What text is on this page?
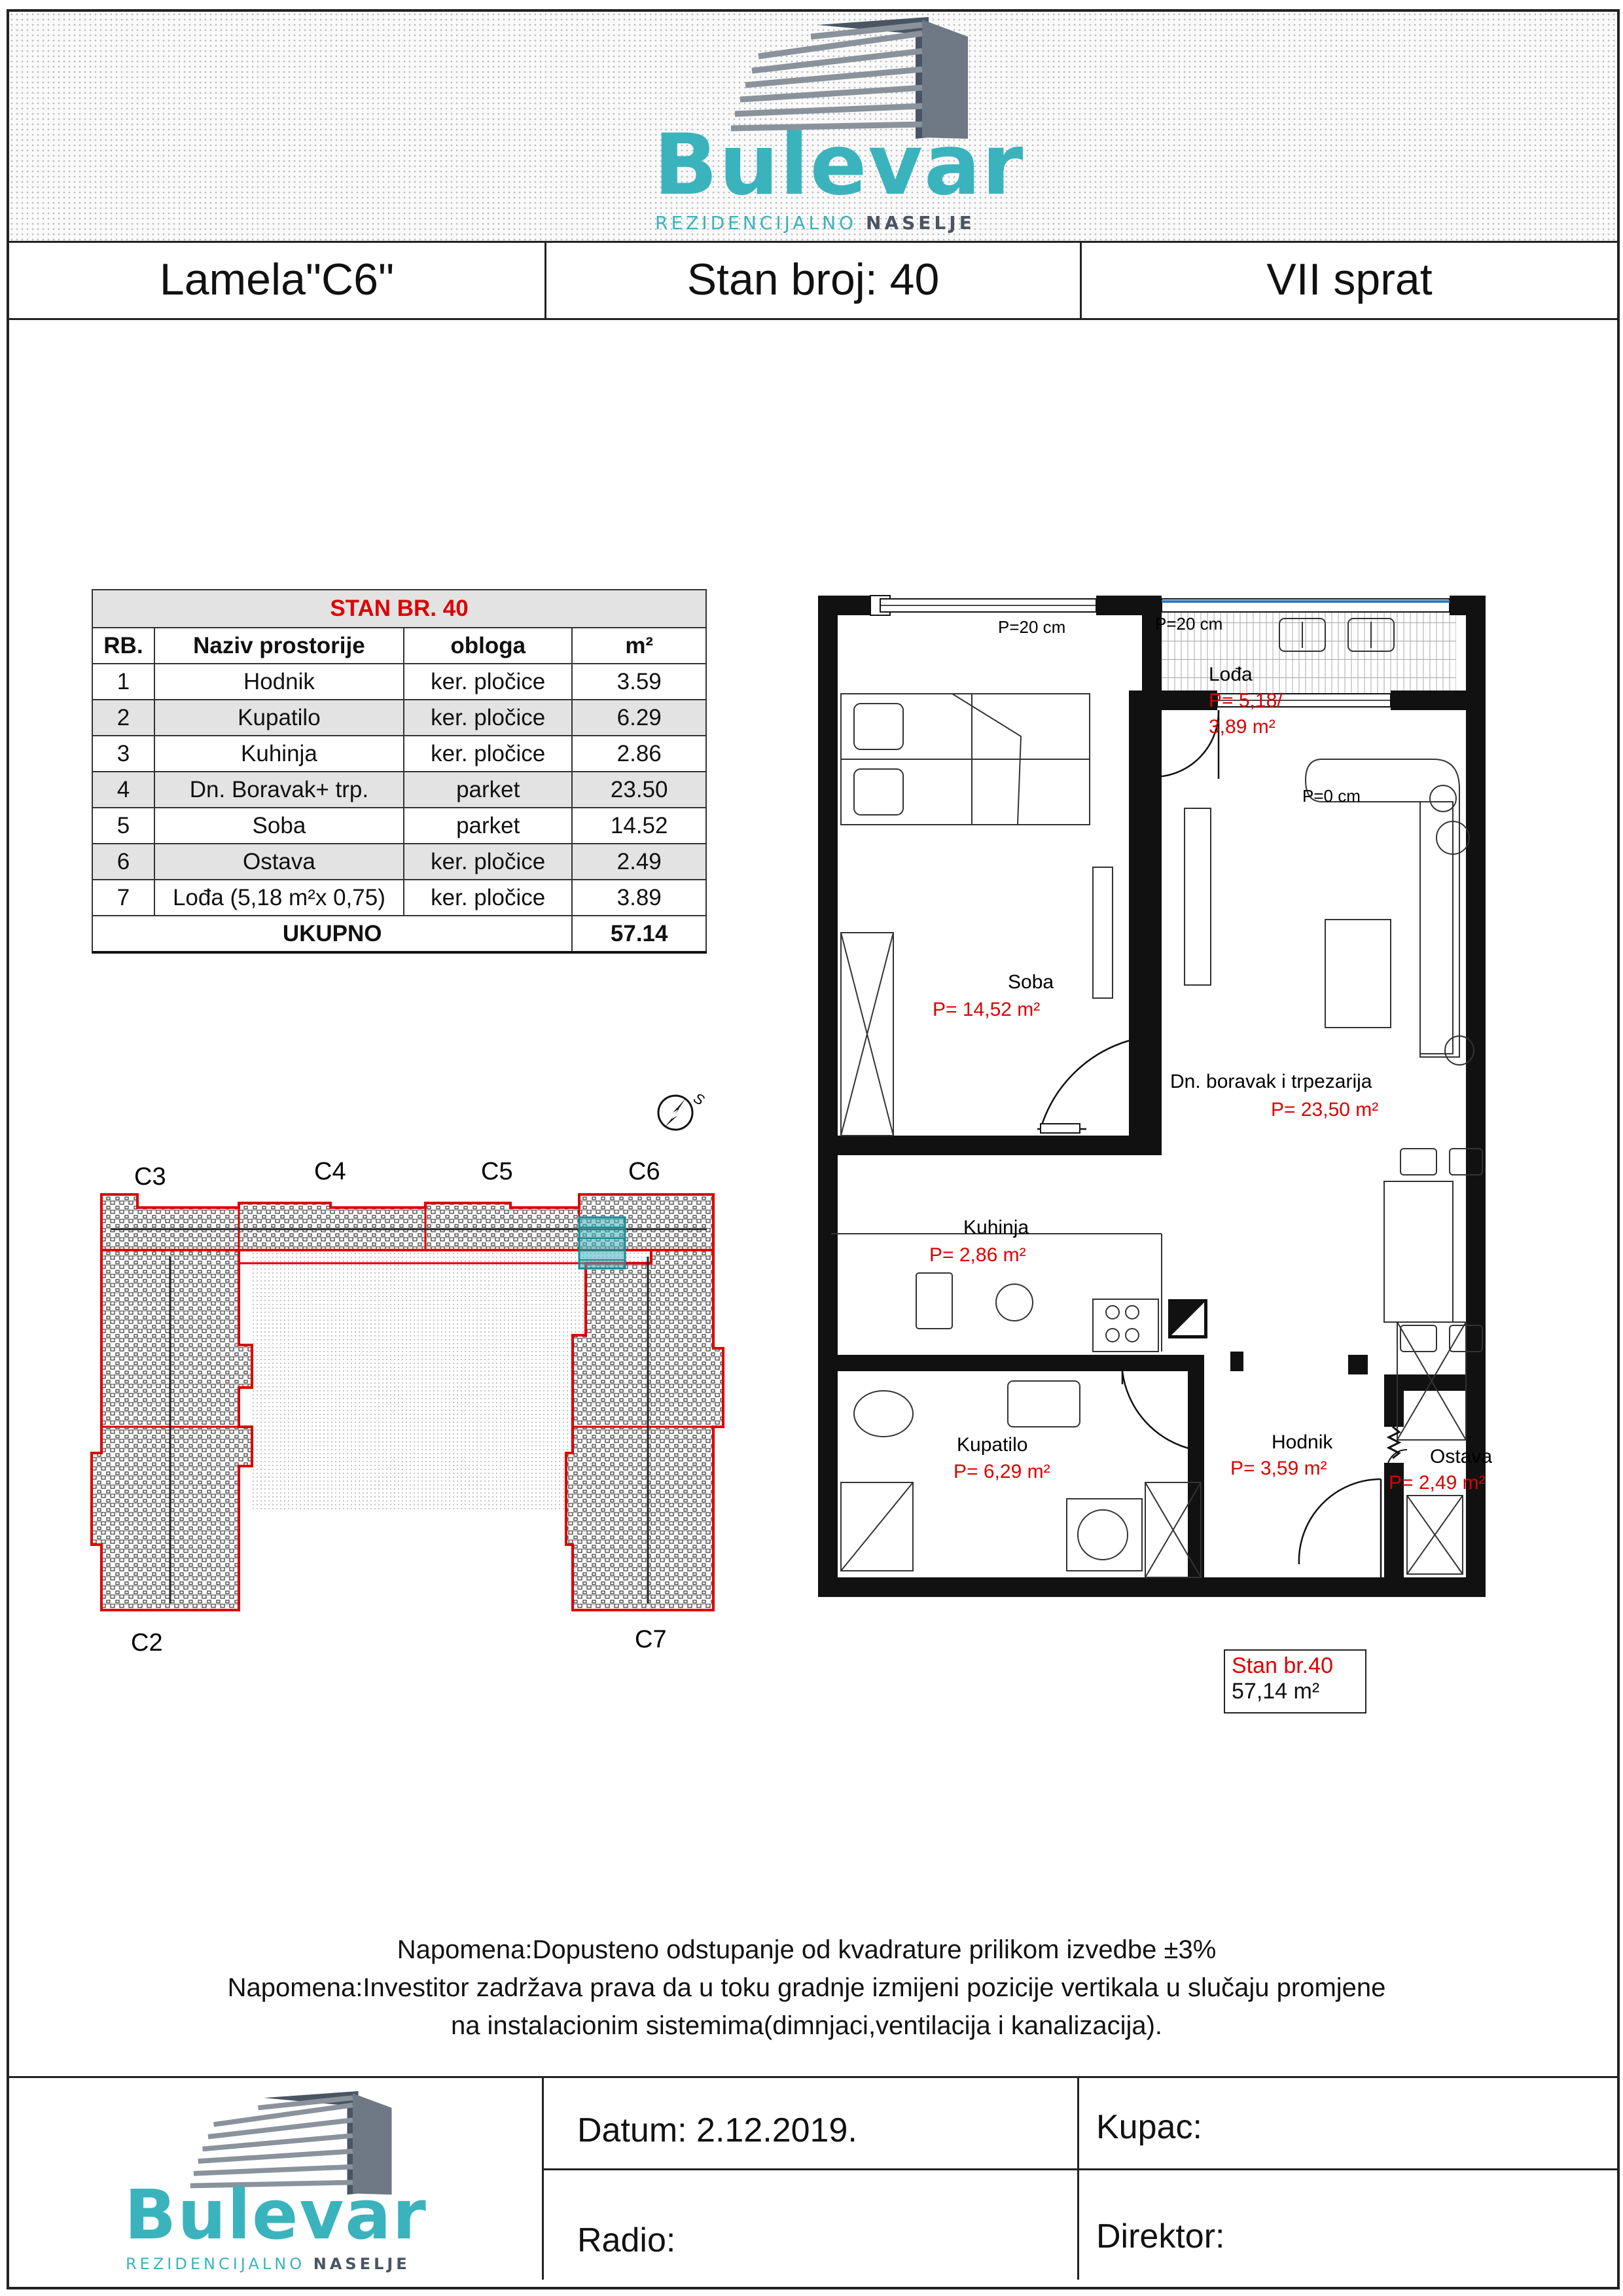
Bulevar
REZIDENCIJALNO NASELJE
Lamela"C6"	Stan broj: 40	VII sprat
STAN BR. 40			
RB.	Naziv prostorije	obloga	m²
1	Hodnik	ker. pločice	3.59
2	Kupatilo	ker. pločice	6.29
3	Kuhinja	ker. pločice	2.86
4	Dn. Boravak+ trp.	parket	23.50
5	Soba	parket	14.52
6	Ostava	ker. pločice	2.49
7	Lođa (5,18 m²x 0,75)	ker. pločice	3.89
UKUPNO			57.14
C3	C4	C5	C6
C2	C7
S
P=20 cm	P=20 cm
Lođa
P= 5,18/
3,89 m²
P=0 cm
Soba
P= 14,52 m²
Dn. boravak i trpezarija
P= 23,50 m²
Kuhinja
P= 2,86 m²
Kupatilo
P= 6,29 m²
Hodnik
P= 3,59 m²
Ostava
P= 2,49 m²
Stan br.40
57,14 m²
Napomena:Dopusteno odstupanje od kvadrature prilikom izvedbe ±3%
Napomena:Investitor zadržava prava da u toku gradnje izmijeni pozicije vertikala u slučaju promjene
na instalacionim sistemima(dimnjaci,ventilacija i kanalizacija).
Bulevar
REZIDENCIJALNO NASELJE
Datum: 2.12.2019.	Kupac:
Radio:	Direktor:
